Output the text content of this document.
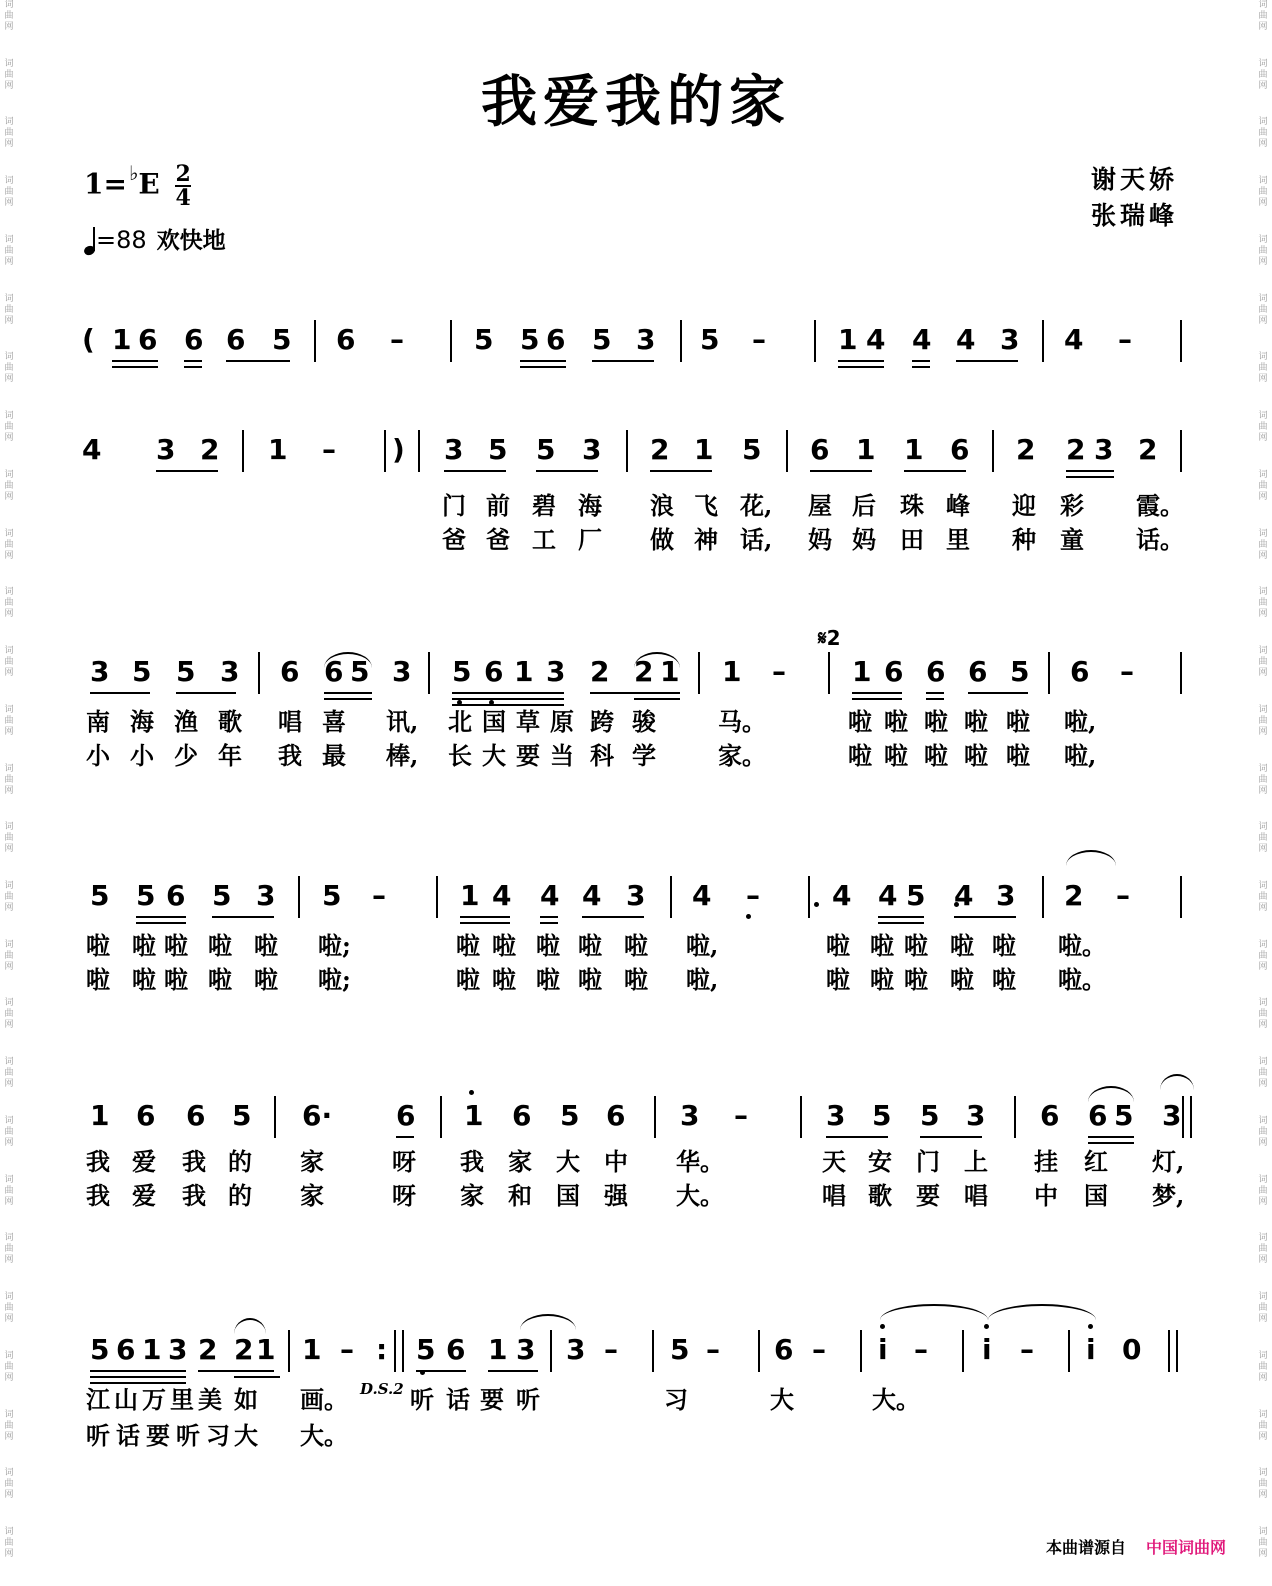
词
曲
网
词
曲
网
词
曲
网
词
曲
网
词
曲
网
词
曲
网
词
曲
网
词
曲
网
词
曲
网
词
曲
网
词
曲
网
词
曲
网
词
曲
网
词
曲
网
词
曲
网
词
曲
网
词
曲
网
词
曲
网
词
曲
网
词
曲
网
词
曲
网
词
曲
网
词
曲
网
词
曲
网
词
曲
网
词
曲
网
词
曲
网
词
曲
网
词
曲
网
词
曲
网
词
曲
网
词
曲
网
词
曲
网
词
曲
网
词
曲
网
词
曲
网
词
曲
网
词
曲
网
词
曲
网
词
曲
网
词
曲
网
词
曲
网
词
曲
网
词
曲
网
词
曲
网
词
曲
网
词
曲
网
词
曲
网
词
曲
网
词
曲
网
词
曲
网
词
曲
网
词
曲
网
词
曲
网
我爱我的家
$1= ^♭E \frac{2}{4}$
=88 欢快地
谢天娇
张瑞峰
( 1 6 6 6 5 6 –	5 5 6 5 3 5 –	1 4 4 4 3 4 –
4 3 2 1 – ) 3 5 5 3 2 1 5 6 1 1 6 2 2 3 2
门 前 碧 海 浪 飞 花, 屋 后 珠 峰 迎 彩 霞。
爸 爸 工 厂 做 神 话, 妈 妈 田 里 种 童 话。
3 5 5 3 6 6 5 3 5 6 1 3 2 2 1 1 – 1 6 6 6 5 6 –
南 海 渔 歌 唱 喜 讯, 北 国 草 原 跨 骏	马。	啦 啦 啦 啦 啦 啦,
小 小 少 年 我 最 棒, 长 大 要 当 科 学	家。	啦 啦 啦 啦 啦 啦,
5 5 6 5 3 5 –	1 4 4 4 3 4 –	4 4 5 4 3 2 –
啦 啦 啦 啦 啦 啦;	啦 啦 啦 啦 啦 啦,	啦 啦 啦 啦 啦 啦。
啦 啦 啦 啦 啦 啦;	啦 啦 啦 啦 啦 啦,	啦 啦 啦 啦 啦 啦。
1 6 6 5 6· 6 1 6 5 6 3 –	3 5 5 3 6 6 5 3
我 爱 我 的 家	呀 我 家 大 中 华。	天 安 门 上 挂 红 灯,
我 爱 我 的 家	呀 家 和 国 强 大。	唱 歌 要 唱 中 国 梦,
5 6 1 3 2 2 1 1 – : 5 6 1 3 3 – 5 – 6 – i – i – i 0
江 山 万 里 美 如 画。	听 话 要 听	习	大	大。
听 话 要 听 习 大 大。
𝄋2
D.S.2
本曲谱源自 中国词曲网
